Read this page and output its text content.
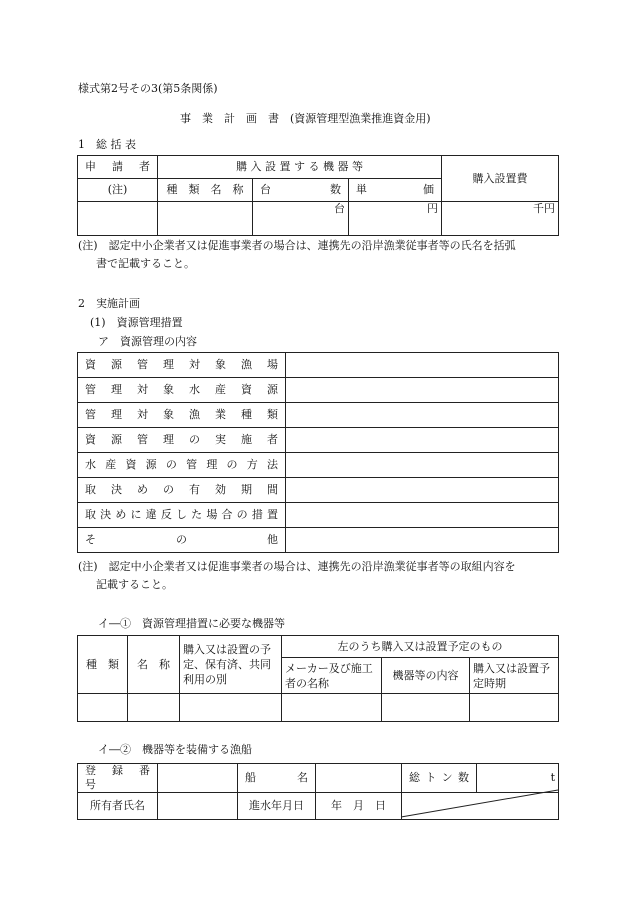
様式第2号その3(第5条関係)
事　業　計　画　書　(資源管理型漁業推進資金用)
1　総 括 表
申　請　者	購 入 設 置 す る 機 器 等			購入設置費
(注)	種　類　名　称	台　　　　数	単　　　　価	
		台	円	千円
(注)　認定中小企業者又は促進事業者の場合は、連携先の沿岸漁業従事者等の氏名を括弧
書で記載すること。
2　実施計画
(1)　資源管理措置
ア　資源管理の内容
資源管理対象漁場	
管理対象水産資源	
管理対象漁業種類	
資源管理の実施者	
水産資源の管理の方法	
取決めの有効期間	
取決めに違反した場合の措置	
その他	
(注)　認定中小企業者又は促進事業者の場合は、連携先の沿岸漁業従事者等の取組内容を
記載すること。
イ―①　資源管理措置に必要な機器等
種　類	名　称	購入又は設置の予定、保有済、共同利用の別	左のうち購入又は設置予定のもの		
			メーカー及び施工者の名称	機器等の内容	購入又は設置予定時期

イ―②　機器等を装備する漁船
登　録　番　号		船　　　名		総トン数	t
所有者氏名		進水年月日	年　月　日		
